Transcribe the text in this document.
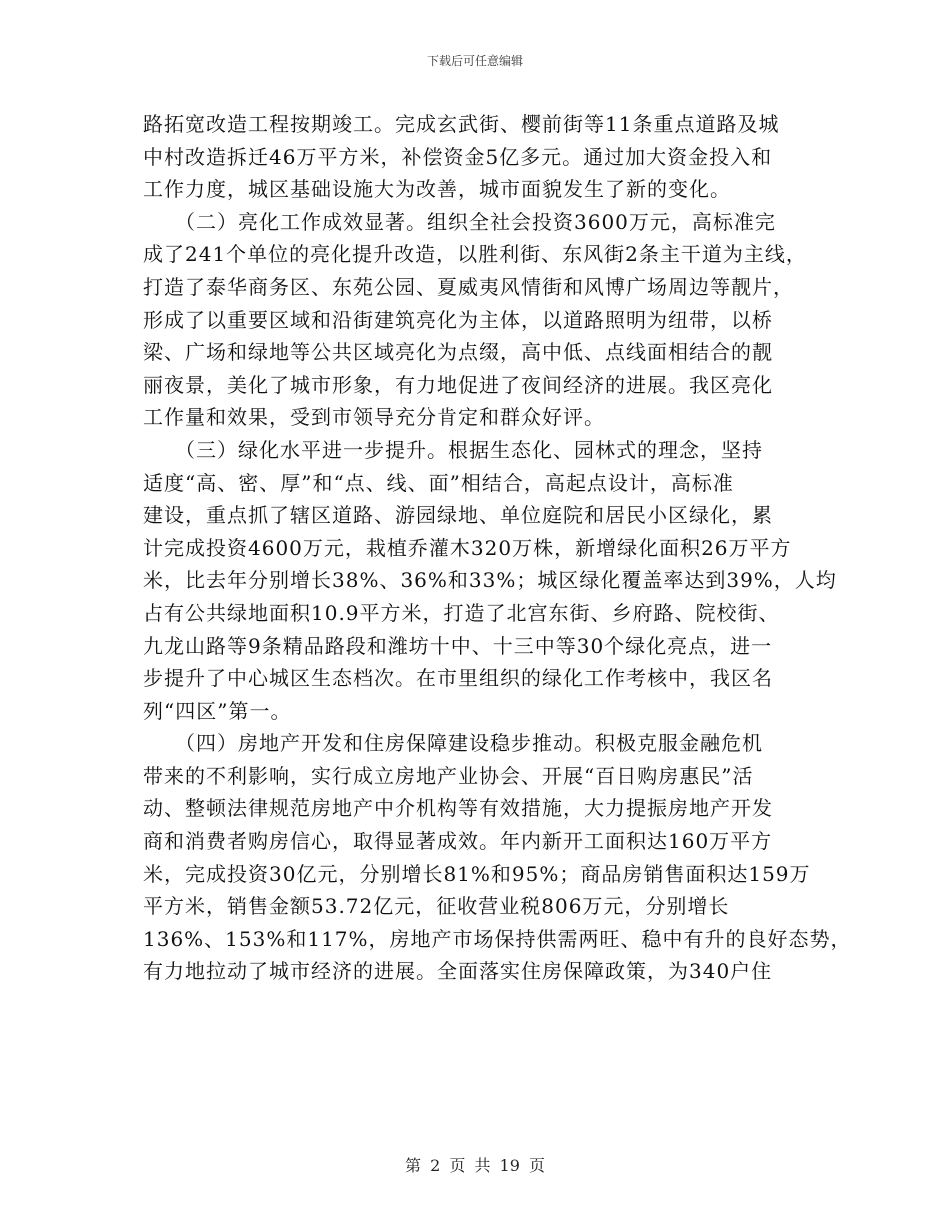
下载后可任意编辑
路拓宽改造工程按期竣工。完成玄武街、樱前街等11条重点道路及城
中村改造拆迁46万平方米，补偿资金5亿多元。通过加大资金投入和
工作力度，城区基础设施大为改善，城市面貌发生了新的变化。
　　（二）亮化工作成效显著。组织全社会投资3600万元，高标准完
成了241个单位的亮化提升改造，以胜利街、东风街2条主干道为主线，
打造了泰华商务区、东苑公园、夏威夷风情街和风博广场周边等靓片，
形成了以重要区域和沿街建筑亮化为主体，以道路照明为纽带，以桥
梁、广场和绿地等公共区域亮化为点缀，高中低、点线面相结合的靓
丽夜景，美化了城市形象，有力地促进了夜间经济的进展。我区亮化
工作量和效果，受到市领导充分肯定和群众好评。
　　（三）绿化水平进一步提升。根据生态化、园林式的理念，坚持
适度“高、密、厚”和“点、线、面”相结合，高起点设计，高标准
建设，重点抓了辖区道路、游园绿地、单位庭院和居民小区绿化，累
计完成投资4600万元，栽植乔灌木320万株，新增绿化面积26万平方
米，比去年分别增长38%、36%和33%；城区绿化覆盖率达到39%，人均
占有公共绿地面积10.9平方米，打造了北宫东街、乡府路、院校街、
九龙山路等9条精品路段和潍坊十中、十三中等30个绿化亮点，进一
步提升了中心城区生态档次。在市里组织的绿化工作考核中，我区名
列“四区”第一。
　　（四）房地产开发和住房保障建设稳步推动。积极克服金融危机
带来的不利影响，实行成立房地产业协会、开展“百日购房惠民”活
动、整顿法律规范房地产中介机构等有效措施，大力提振房地产开发
商和消费者购房信心，取得显著成效。年内新开工面积达160万平方
米，完成投资30亿元，分别增长81%和95%；商品房销售面积达159万
平方米，销售金额53.72亿元，征收营业税806万元，分别增长
136%、153%和117%，房地产市场保持供需两旺、稳中有升的良好态势，
有力地拉动了城市经济的进展。全面落实住房保障政策，为340户住
第 2 页 共 19 页
